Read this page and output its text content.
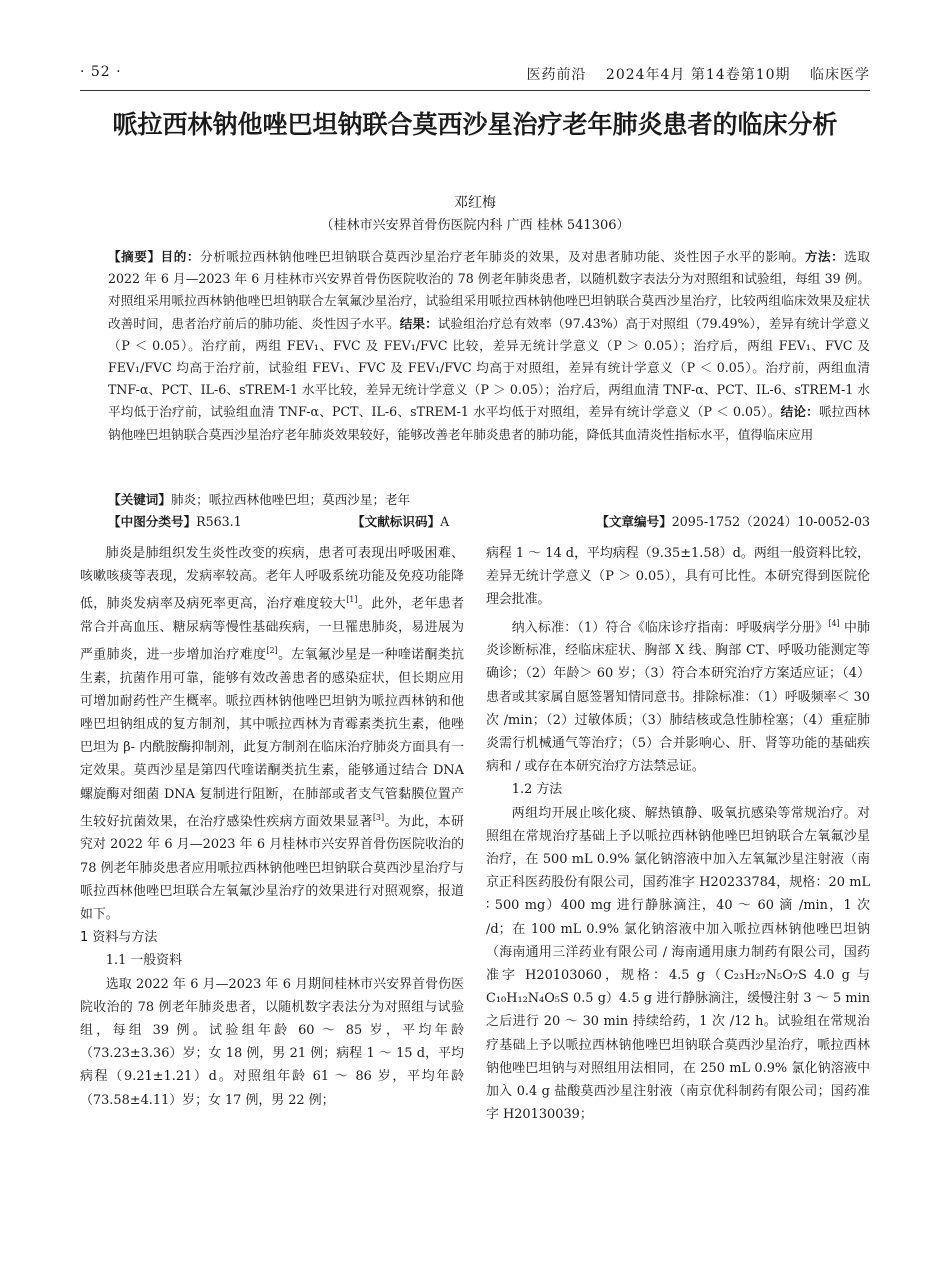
· 52 ·	医药前沿 2024年4月 第14卷第10期 临床医学
哌拉西林钠他唑巴坦钠联合莫西沙星治疗老年肺炎患者的临床分析
邓红梅
（桂林市兴安界首骨伤医院内科 广西 桂林 541306）

【摘要】目的：分析哌拉西林钠他唑巴坦钠联合莫西沙星治疗老年肺炎的效果，及对患者肺功能、炎性因子水平的影响。方法：选取 2022 年 6 月—2023 年 6 月桂林市兴安界首骨伤医院收治的 78 例老年肺炎患者，以随机数字表法分为对照组和试验组，每组 39 例。对照组采用哌拉西林钠他唑巴坦钠联合左氧氟沙星治疗，试验组采用哌拉西林钠他唑巴坦钠联合莫西沙星治疗，比较两组临床效果及症状改善时间，患者治疗前后的肺功能、炎性因子水平。结果：试验组治疗总有效率（97.43%）高于对照组（79.49%），差异有统计学意义（P ＜ 0.05）。治疗前，两组 FEV₁、FVC 及 FEV₁/FVC 比较，差异无统计学意义（P ＞ 0.05）；治疗后，两组 FEV₁、FVC 及 FEV₁/FVC 均高于治疗前，试验组 FEV₁、FVC 及 FEV₁/FVC 均高于对照组，差异有统计学意义（P ＜ 0.05）。治疗前，两组血清 TNF-α、PCT、IL-6、sTREM-1 水平比较，差异无统计学意义（P ＞ 0.05）；治疗后，两组血清 TNF-α、PCT、IL-6、sTREM-1 水平均低于治疗前，试验组血清 TNF-α、PCT、IL-6、sTREM-1 水平均低于对照组，差异有统计学意义（P ＜ 0.05）。结论：哌拉西林钠他唑巴坦钠联合莫西沙星治疗老年肺炎效果较好，能够改善老年肺炎患者的肺功能，降低其血清炎性指标水平，值得临床应用

【关键词】肺炎；哌拉西林他唑巴坦；莫西沙星；老年
【中图分类号】R563.1	【文献标识码】A	【文章编号】2095-1752（2024）10-0052-03

肺炎是肺组织发生炎性改变的疾病，患者可表现出呼吸困难、咳嗽咳痰等表现，发病率较高。老年人呼吸系统功能及免疫功能降低，肺炎发病率及病死率更高，治疗难度较大[1]。此外，老年患者常合并高血压、糖尿病等慢性基础疾病，一旦罹患肺炎，易进展为严重肺炎，进一步增加治疗难度[2]。左氧氟沙星是一种喹诺酮类抗生素，抗菌作用可靠，能够有效改善患者的感染症状，但长期应用可增加耐药性产生概率。哌拉西林钠他唑巴坦钠为哌拉西林钠和他唑巴坦钠组成的复方制剂，其中哌拉西林为青霉素类抗生素，他唑巴坦为 β- 内酰胺酶抑制剂，此复方制剂在临床治疗肺炎方面具有一定效果。莫西沙星是第四代喹诺酮类抗生素，能够通过结合 DNA 螺旋酶对细菌 DNA 复制进行阻断，在肺部或者支气管黏膜位置产生较好抗菌效果，在治疗感染性疾病方面效果显著[3]。为此，本研究对 2022 年 6 月—2023 年 6 月桂林市兴安界首骨伤医院收治的 78 例老年肺炎患者应用哌拉西林钠他唑巴坦钠联合莫西沙星治疗与哌拉西林他唑巴坦联合左氧氟沙星治疗的效果进行对照观察，报道如下。

1 资料与方法
1.1 一般资料

选取 2022 年 6 月—2023 年 6 月期间桂林市兴安界首骨伤医院收治的 78 例老年肺炎患者，以随机数字表法分为对照组与试验组，每组 39 例。试验组年龄 60 ～ 85 岁，平均年龄（73.23±3.36）岁；女 18 例，男 21 例；病程 1 ～ 15 d，平均病程（9.21±1.21）d。对照组年龄 61 ～ 86 岁，平均年龄（73.58±4.11）岁；女 17 例，男 22 例；

病程 1 ～ 14 d，平均病程（9.35±1.58）d。两组一般资料比较，差异无统计学意义（P ＞ 0.05），具有可比性。本研究得到医院伦理会批准。

纳入标准：（1）符合《临床诊疗指南：呼吸病学分册》[4] 中肺炎诊断标准，经临床症状、胸部 X 线、胸部 CT、呼吸功能测定等确诊；（2）年龄＞ 60 岁；（3）符合本研究治疗方案适应证；（4）患者或其家属自愿签署知情同意书。排除标准：（1）呼吸频率＜ 30 次 /min；（2）过敏体质；（3）肺结核或急性肺栓塞；（4）重症肺炎需行机械通气等治疗；（5）合并影响心、肝、肾等功能的基础疾病和 / 或存在本研究治疗方法禁忌证。

1.2 方法

两组均开展止咳化痰、解热镇静、吸氧抗感染等常规治疗。对照组在常规治疗基础上予以哌拉西林钠他唑巴坦钠联合左氧氟沙星治疗，在 500 mL 0.9% 氯化钠溶液中加入左氧氟沙星注射液（南京正科医药股份有限公司，国药准字 H20233784，规格：20 mL ∶ 500 mg）400 mg 进行静脉滴注，40 ～ 60 滴 /min，1 次 /d；在 100 mL 0.9% 氯化钠溶液中加入哌拉西林钠他唑巴坦钠（海南通用三洋药业有限公司 / 海南通用康力制药有限公司，国药准字 H20103060，规格：4.5 g（C₂₃H₂₇N₅O₇S 4.0 g 与 C₁₀H₁₂N₄O₅S 0.5 g）4.5 g 进行静脉滴注，缓慢注射 3 ～ 5 min 之后进行 20 ～ 30 min 持续给药，1 次 /12 h。试验组在常规治疗基础上予以哌拉西林钠他唑巴坦钠联合莫西沙星治疗，哌拉西林钠他唑巴坦钠与对照组用法相同，在 250 mL 0.9% 氯化钠溶液中加入 0.4 g 盐酸莫西沙星注射液（南京优科制药有限公司；国药准字 H20130039；
